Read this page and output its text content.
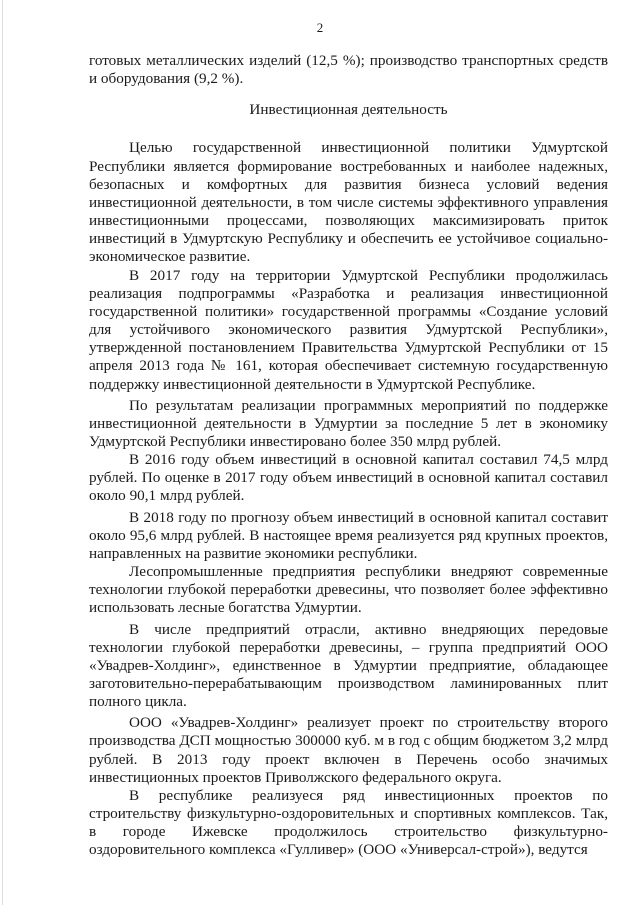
2

готовых металлических изделий (12,5 %); производство транспортных средств и оборудования (9,2 %).

Инвестиционная деятельность

Целью государственной инвестиционной политики Удмуртской Республики является формирование востребованных и наиболее надежных, безопасных и комфортных для развития бизнеса условий ведения инвестиционной деятельности, в том числе системы эффективного управления инвестиционными процессами, позволяющих максимизировать приток инвестиций в Удмуртскую Республику и обеспечить ее устойчивое социально-экономическое развитие.

В 2017 году на территории Удмуртской Республики продолжилась реализация подпрограммы «Разработка и реализация инвестиционной государственной политики» государственной программы «Создание условий для устойчивого экономического развития Удмуртской Республики», утвержденной постановлением Правительства Удмуртской Республики от 15 апреля 2013 года № 161, которая обеспечивает системную государственную поддержку инвестиционной деятельности в Удмуртской Республике.

По результатам реализации программных мероприятий по поддержке инвестиционной деятельности в Удмуртии за последние 5 лет в экономику Удмуртской Республики инвестировано более 350 млрд рублей.

В 2016 году объем инвестиций в основной капитал составил 74,5 млрд рублей. По оценке в 2017 году объем инвестиций в основной капитал составил около 90,1 млрд рублей.

В 2018 году по прогнозу объем инвестиций в основной капитал составит около 95,6 млрд рублей. В настоящее время реализуется ряд крупных проектов, направленных на развитие экономики республики.

Лесопромышленные предприятия республики внедряют современные технологии глубокой переработки древесины, что позволяет более эффективно использовать лесные богатства Удмуртии.

В числе предприятий отрасли, активно внедряющих передовые технологии глубокой переработки древесины, – группа предприятий ООО «Увадрев-Холдинг», единственное в Удмуртии предприятие, обладающее заготовительно-перерабатывающим производством ламинированных плит полного цикла.

ООО «Увадрев-Холдинг» реализует проект по строительству второго производства ДСП мощностью 300000 куб. м в год с общим бюджетом 3,2 млрд рублей. В 2013 году проект включен в Перечень особо значимых инвестиционных проектов Приволжского федерального округа.

В республике реализуеся ряд инвестиционных проектов по строительству физкультурно-оздоровительных и спортивных комплексов. Так, в городе Ижевске продолжилось строительство физкультурно-оздоровительного комплекса «Гулливер» (ООО «Универсал-строй»), ведутся
